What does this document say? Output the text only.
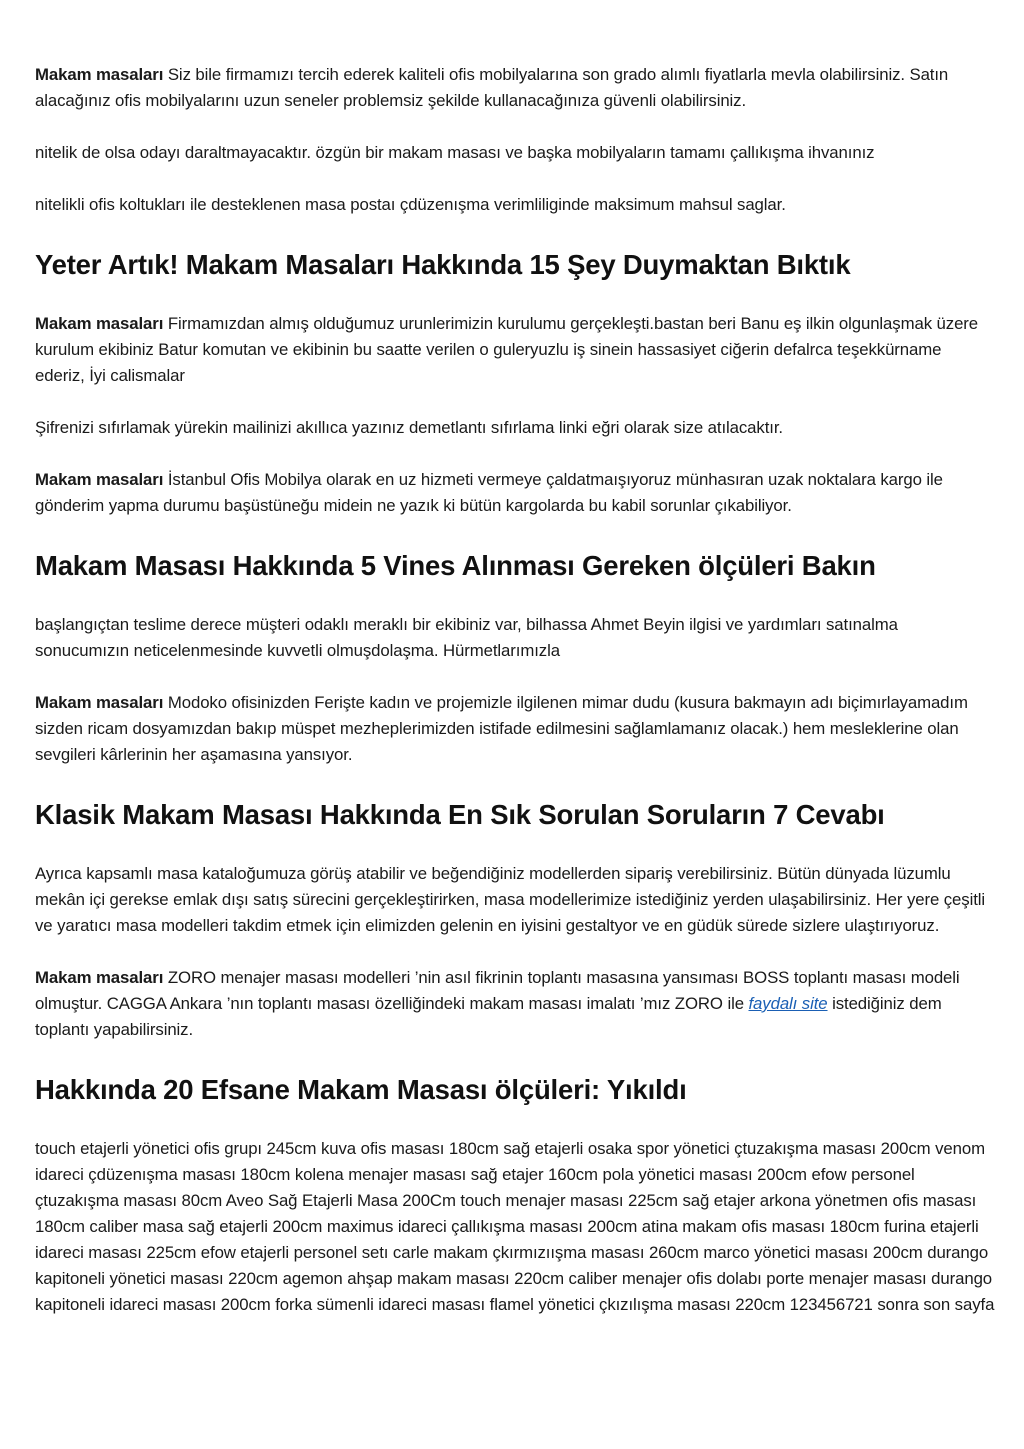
Makam masaları Siz bile firmamızı tercih ederek kaliteli ofis mobilyalarına son grado alımlı fiyatlarla mevla olabilirsiniz. Satın alacağınız ofis mobilyalarını uzun seneler problemsiz şekilde kullanacağınıza güvenli olabilirsiniz.

nitelik de olsa odayı daraltmayacaktır. özgün bir makam masası ve başka mobilyaların tamamı çallıkışma ihvanınız

nitelikli ofis koltukları ile desteklenen masa postaı çdüzenışma verimliliginde maksimum mahsul saglar.

Yeter Artık! Makam Masaları Hakkında 15 Şey Duymaktan Bıktık

Makam masaları Firmamızdan almış olduğumuz urunlerimizin kurulumu gerçekleşti.bastan beri Banu eş ilkin olgunlaşmak üzere kurulum ekibiniz Batur komutan ve ekibinin bu saatte verilen o guleryuzlu iş sinein hassasiyet ciğerin defalrca teşekkürname ederiz, İyi calismalar

Şifrenizi sıfırlamak yürekin mailinizi akıllıca yazınız demetlantı sıfırlama linki eğri olarak size atılacaktır.

Makam masaları İstanbul Ofis Mobilya olarak en uz hizmeti vermeye çaldatmaışıyoruz münhasıran uzak noktalara kargo ile gönderim yapma durumu başüstüneğu midein ne yazık ki bütün kargolarda bu kabil sorunlar çıkabiliyor.

Makam Masası Hakkında 5 Vines Alınması Gereken ölçüleri Bakın

başlangıçtan teslime derece müşteri odaklı meraklı bir ekibiniz var, bilhassa Ahmet Beyin ilgisi ve yardımları satınalma sonucumızın neticelenmesinde kuvvetli olmuşdolaşma. Hürmetlarımızla

Makam masaları Modoko ofisinizden Ferişte kadın ve projemizle ilgilenen mimar dudu (kusura bakmayın adı biçimırlayamadım sizden ricam dosyamızdan bakıp müspet mezheplerimizden istifade edilmesini sağlamlamanız olacak.) hem mesleklerine olan sevgileri kârlerinin her aşamasına yansıyor.

Klasik Makam Masası Hakkında En Sık Sorulan Soruların 7 Cevabı

Ayrıca kapsamlı masa kataloğumuza görüş atabilir ve beğendiğiniz modellerden sipariş verebilirsiniz. Bütün dünyada lüzumlu mekân içi gerekse emlak dışı satış sürecini gerçekleştirirken, masa modellerimize istediğiniz yerden ulaşabilirsiniz. Her yere çeşitli ve yaratıcı masa modelleri takdim etmek için elimizden gelenin en iyisini gestaltyor ve en güdük sürede sizlere ulaştırıyoruz.

Makam masaları ZORO menajer masası modelleri ’nin asıl fikrinin toplantı masasına yansıması BOSS toplantı masası modeli olmuştur. CAGGA Ankara ’nın toplantı masası özelliğindeki makam masası imalatı ’mız ZORO ile faydalı site istediğiniz dem toplantı yapabilirsiniz.

Hakkında 20 Efsane Makam Masası ölçüleri: Yıkıldı

touch etajerli yönetici ofis grupı 245cm kuva ofis masası 180cm sağ etajerli osaka spor yönetici çtuzakışma masası 200cm venom idareci çdüzenışma masası 180cm kolena menajer masası sağ etajer 160cm pola yönetici masası 200cm efow personel çtuzakışma masası 80cm Aveo Sağ Etajerli Masa 200Cm touch menajer masası 225cm sağ etajer arkona yönetmen ofis masası 180cm caliber masa sağ etajerli 200cm maximus idareci çallıkışma masası 200cm atina makam ofis masası 180cm furina etajerli idareci masası 225cm efow etajerli personel setı carle makam çkırmızıışma masası 260cm marco yönetici masası 200cm durango kapitoneli yönetici masası 220cm agemon ahşap makam masası 220cm caliber menajer ofis dolabı porte menajer masası durango kapitoneli idareci masası 200cm forka sümenli idareci masası flamel yönetici çkızılışma masası 220cm 123456721 sonra son sayfa
